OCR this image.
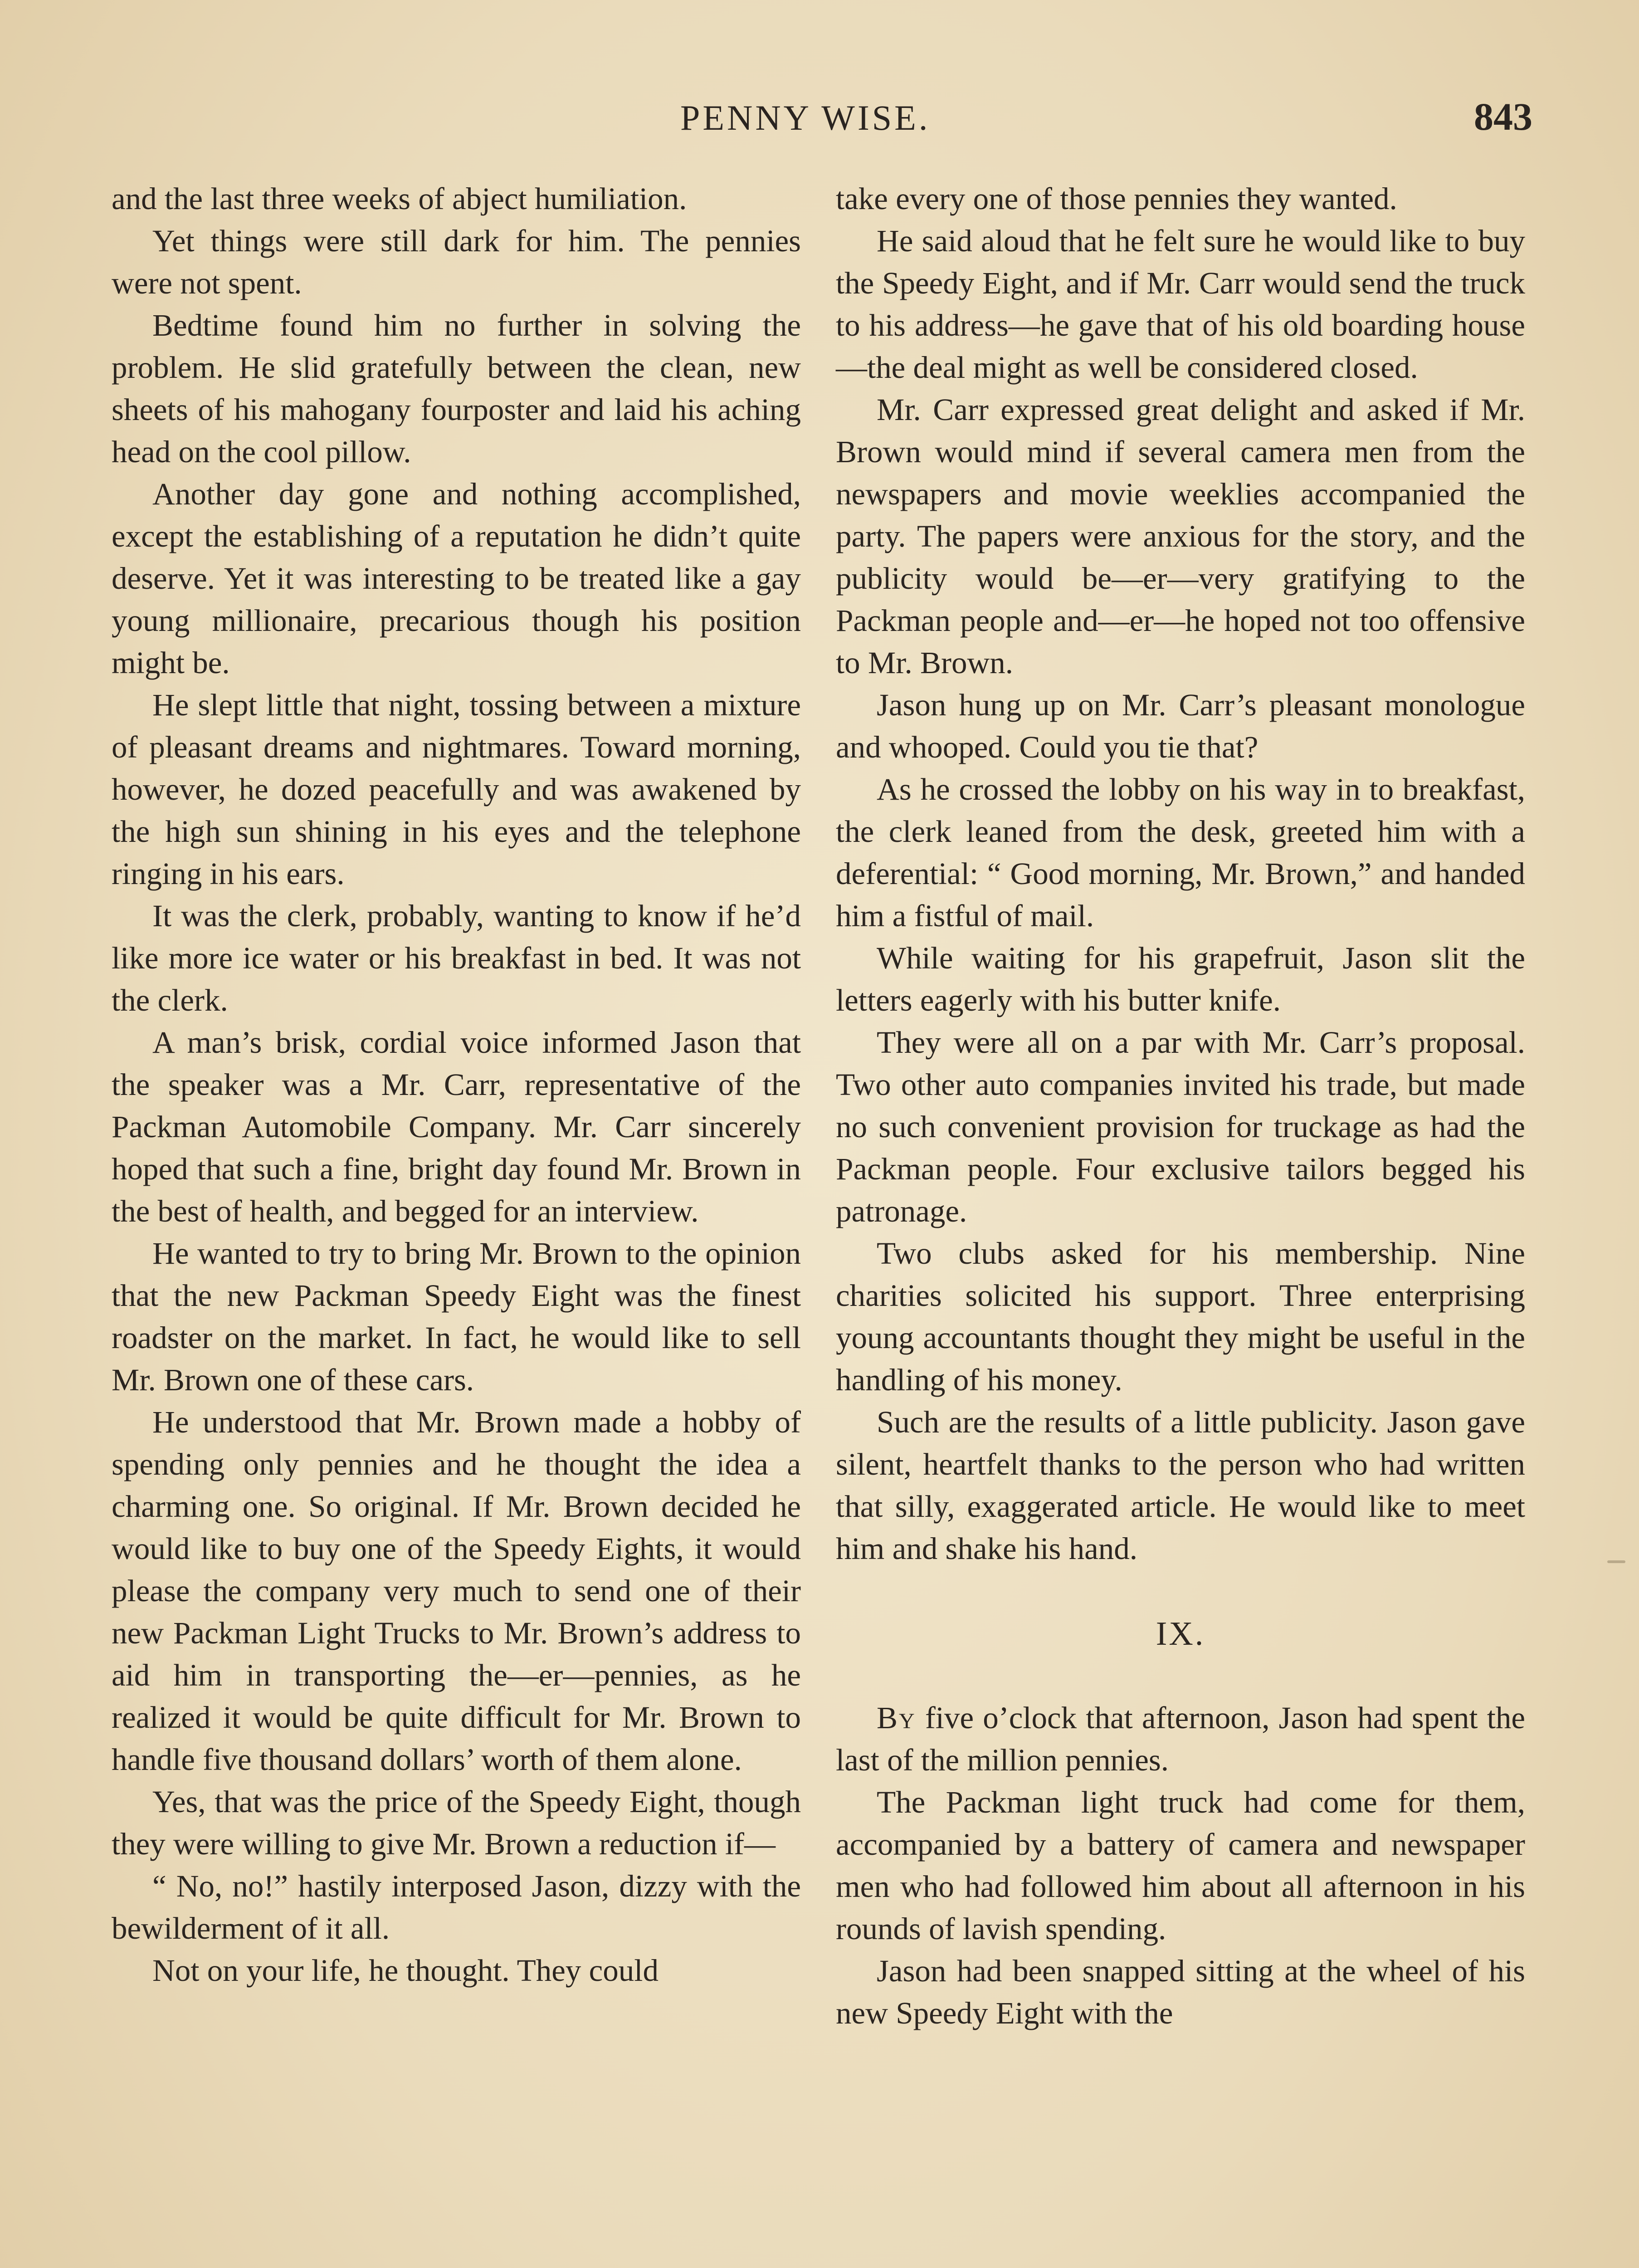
PENNY WISE.	843

and the last three weeks of abject humiliation.

Yet things were still dark for him. The pennies were not spent.

Bedtime found him no further in solving the problem. He slid gratefully between the clean, new sheets of his mahogany fourposter and laid his aching head on the cool pillow.

Another day gone and nothing accomplished, except the establishing of a reputation he didn’t quite deserve. Yet it was interesting to be treated like a gay young millionaire, precarious though his position might be.

He slept little that night, tossing between a mixture of pleasant dreams and nightmares. Toward morning, however, he dozed peacefully and was awakened by the high sun shining in his eyes and the telephone ringing in his ears.

It was the clerk, probably, wanting to know if he’d like more ice water or his breakfast in bed. It was not the clerk.

A man’s brisk, cordial voice informed Jason that the speaker was a Mr. Carr, representative of the Packman Automobile Company. Mr. Carr sincerely hoped that such a fine, bright day found Mr. Brown in the best of health, and begged for an interview.

He wanted to try to bring Mr. Brown to the opinion that the new Packman Speedy Eight was the finest roadster on the market. In fact, he would like to sell Mr. Brown one of these cars.

He understood that Mr. Brown made a hobby of spending only pennies and he thought the idea a charming one. So original. If Mr. Brown decided he would like to buy one of the Speedy Eights, it would please the company very much to send one of their new Packman Light Trucks to Mr. Brown’s address to aid him in transporting the—er—pennies, as he realized it would be quite difficult for Mr. Brown to handle five thousand dollars’ worth of them alone.

Yes, that was the price of the Speedy Eight, though they were willing to give Mr. Brown a reduction if—

“ No, no!” hastily interposed Jason, dizzy with the bewilderment of it all.

Not on your life, he thought. They could

take every one of those pennies they wanted.

He said aloud that he felt sure he would like to buy the Speedy Eight, and if Mr. Carr would send the truck to his address—he gave that of his old boarding house—the deal might as well be considered closed.

Mr. Carr expressed great delight and asked if Mr. Brown would mind if several camera men from the newspapers and movie weeklies accompanied the party. The papers were anxious for the story, and the publicity would be—er—very gratifying to the Packman people and—er—he hoped not too offensive to Mr. Brown.

Jason hung up on Mr. Carr’s pleasant monologue and whooped. Could you tie that?

As he crossed the lobby on his way in to breakfast, the clerk leaned from the desk, greeted him with a deferential: “ Good morning, Mr. Brown,” and handed him a fistful of mail.

While waiting for his grapefruit, Jason slit the letters eagerly with his butter knife.

They were all on a par with Mr. Carr’s proposal. Two other auto companies invited his trade, but made no such convenient provision for truckage as had the Packman people. Four exclusive tailors begged his patronage.

Two clubs asked for his membership. Nine charities solicited his support. Three enterprising young accountants thought they might be useful in the handling of his money.

Such are the results of a little publicity. Jason gave silent, heartfelt thanks to the person who had written that silly, exaggerated article. He would like to meet him and shake his hand.

IX.

By five o’clock that afternoon, Jason had spent the last of the million pennies.

The Packman light truck had come for them, accompanied by a battery of camera and newspaper men who had followed him about all afternoon in his rounds of lavish spending.

Jason had been snapped sitting at the wheel of his new Speedy Eight with the
